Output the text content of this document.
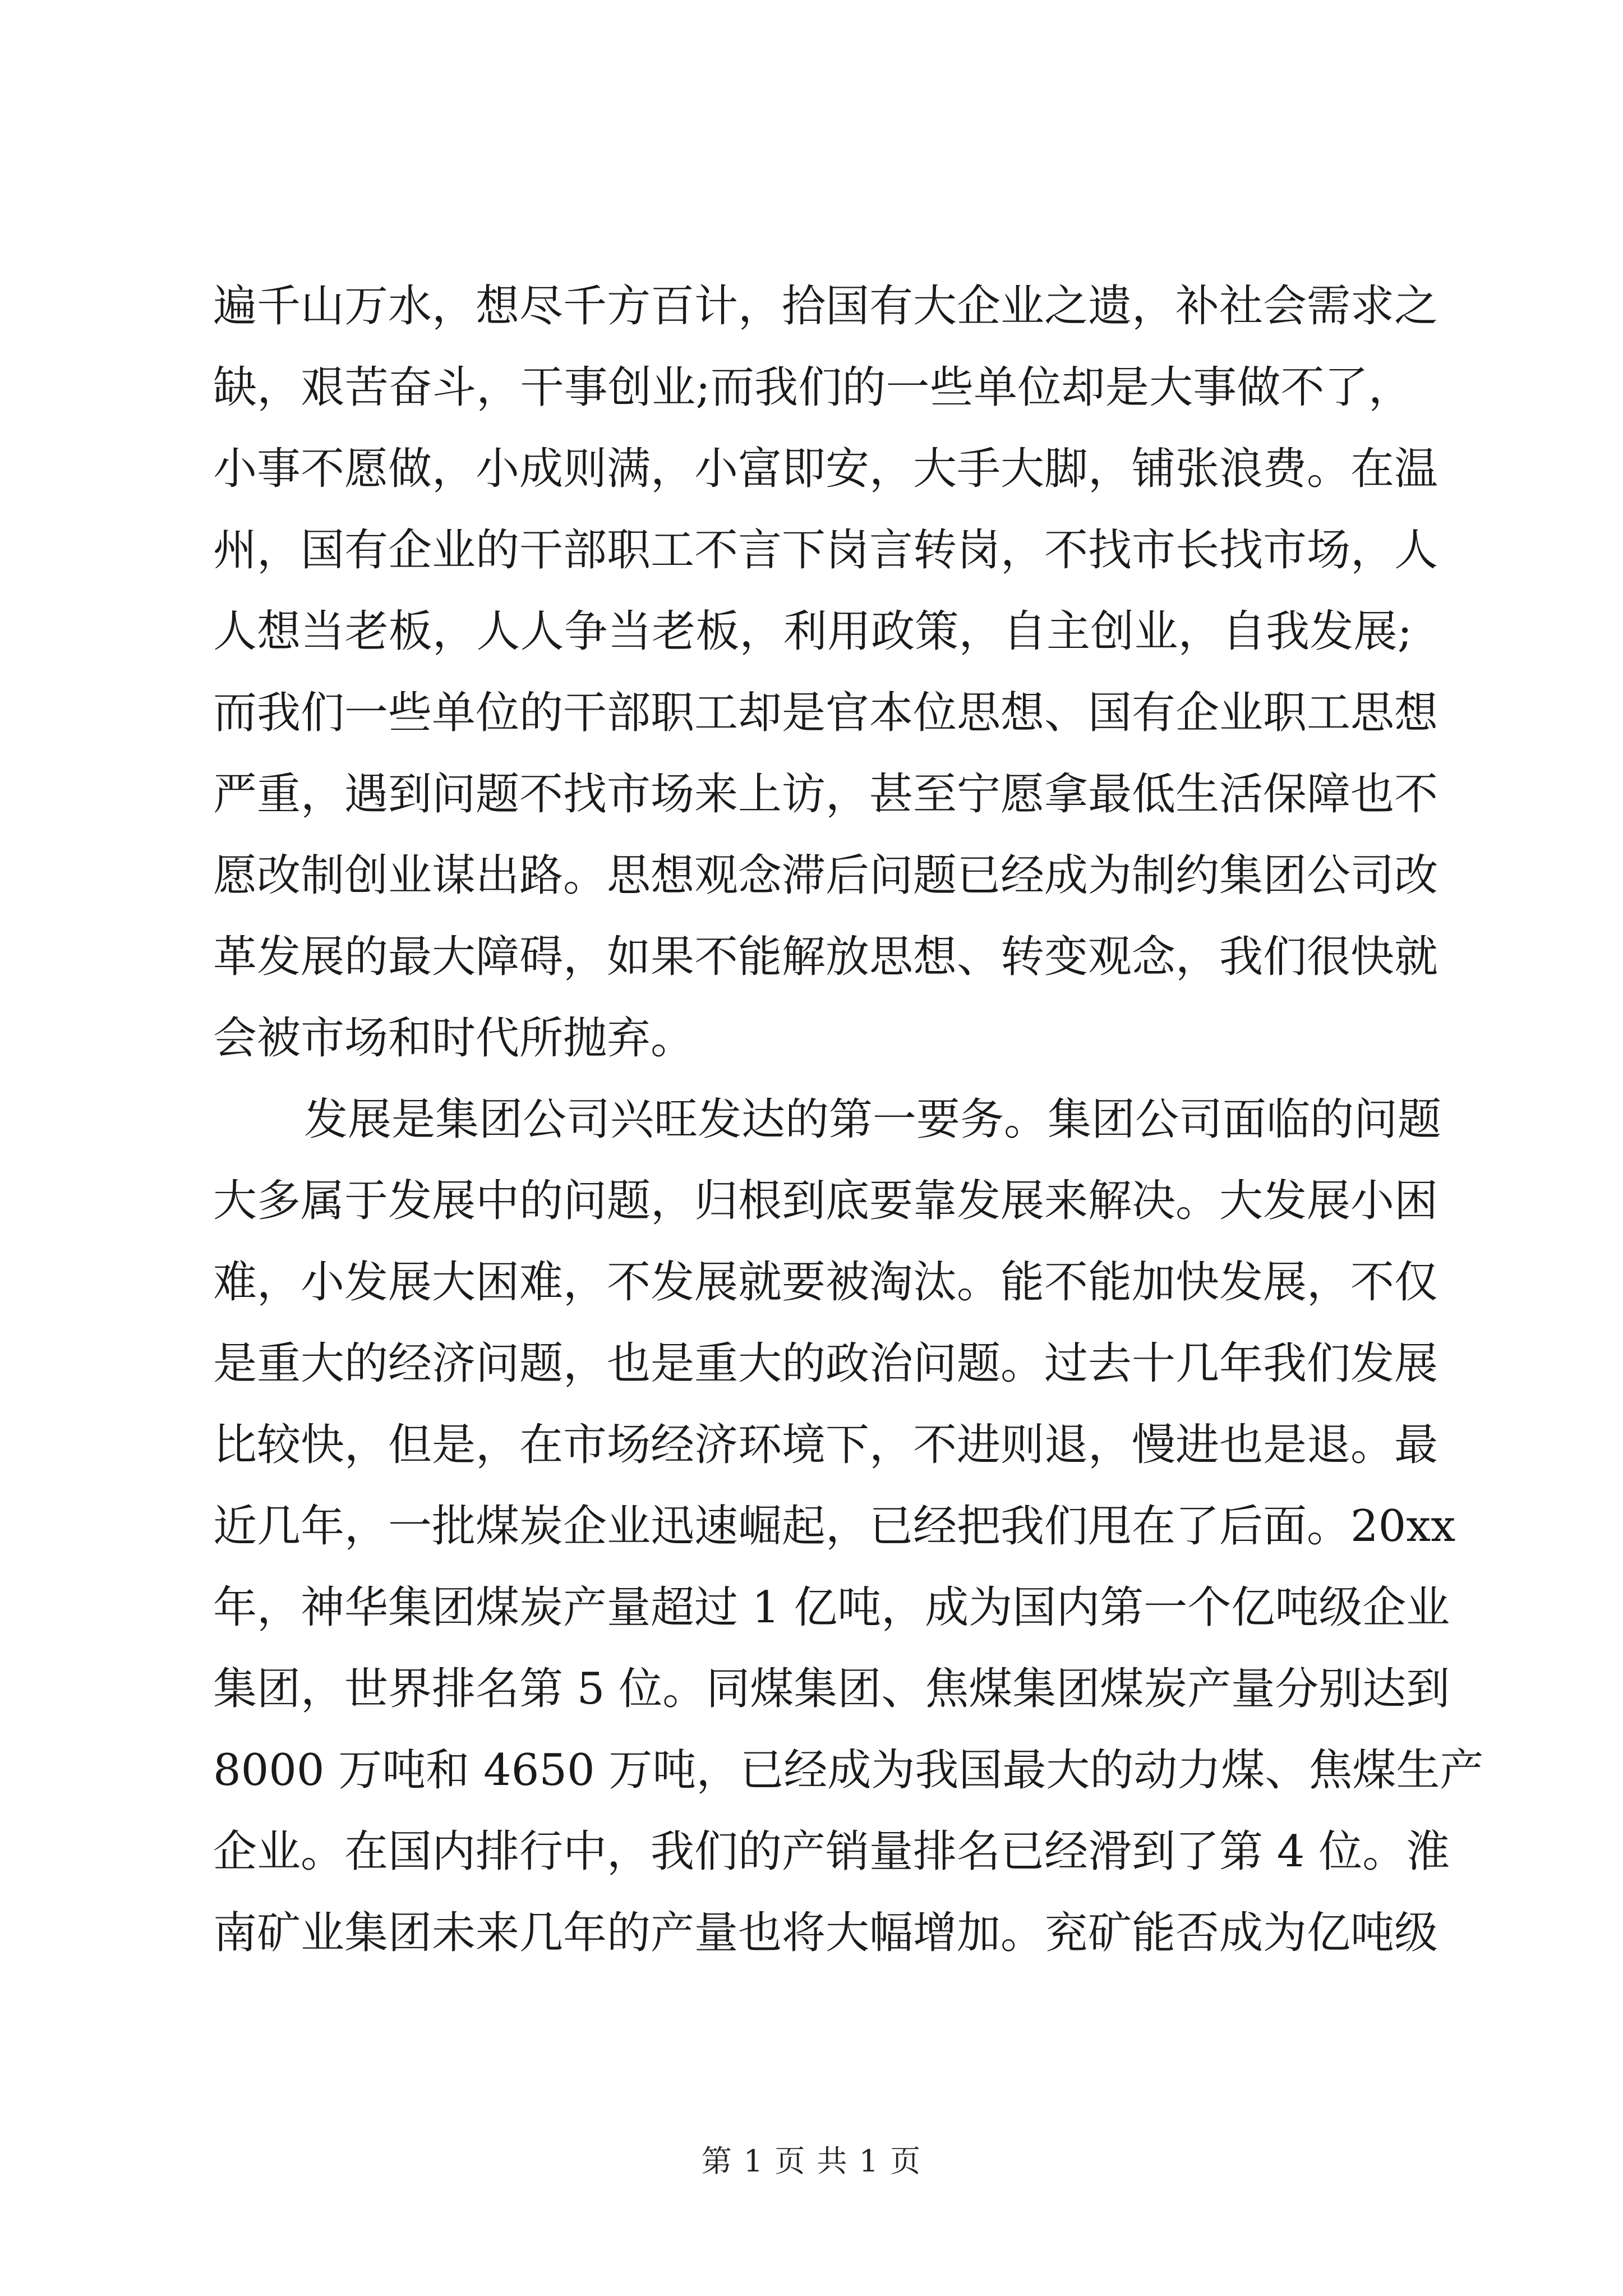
遍千山万水，想尽千方百计，拾国有大企业之遗，补社会需求之
缺，艰苦奋斗，干事创业;而我们的一些单位却是大事做不了，
小事不愿做，小成则满，小富即安，大手大脚，铺张浪费。在温
州，国有企业的干部职工不言下岗言转岗，不找市长找市场，人
人想当老板，人人争当老板，利用政策，自主创业，自我发展;
而我们一些单位的干部职工却是官本位思想、国有企业职工思想
严重，遇到问题不找市场来上访，甚至宁愿拿最低生活保障也不
愿改制创业谋出路。思想观念滞后问题已经成为制约集团公司改
革发展的最大障碍，如果不能解放思想、转变观念，我们很快就
会被市场和时代所抛弃。
发展是集团公司兴旺发达的第一要务。集团公司面临的问题
大多属于发展中的问题，归根到底要靠发展来解决。大发展小困
难，小发展大困难，不发展就要被淘汰。能不能加快发展，不仅
是重大的经济问题，也是重大的政治问题。过去十几年我们发展
比较快，但是，在市场经济环境下，不进则退，慢进也是退。最
近几年，一批煤炭企业迅速崛起，已经把我们甩在了后面。20xx
年，神华集团煤炭产量超过 1 亿吨，成为国内第一个亿吨级企业
集团，世界排名第 5 位。同煤集团、焦煤集团煤炭产量分别达到
8000 万吨和 4650 万吨，已经成为我国最大的动力煤、焦煤生产
企业。在国内排行中，我们的产销量排名已经滑到了第 4 位。淮
南矿业集团未来几年的产量也将大幅增加。兖矿能否成为亿吨级
第 1 页 共 1 页
